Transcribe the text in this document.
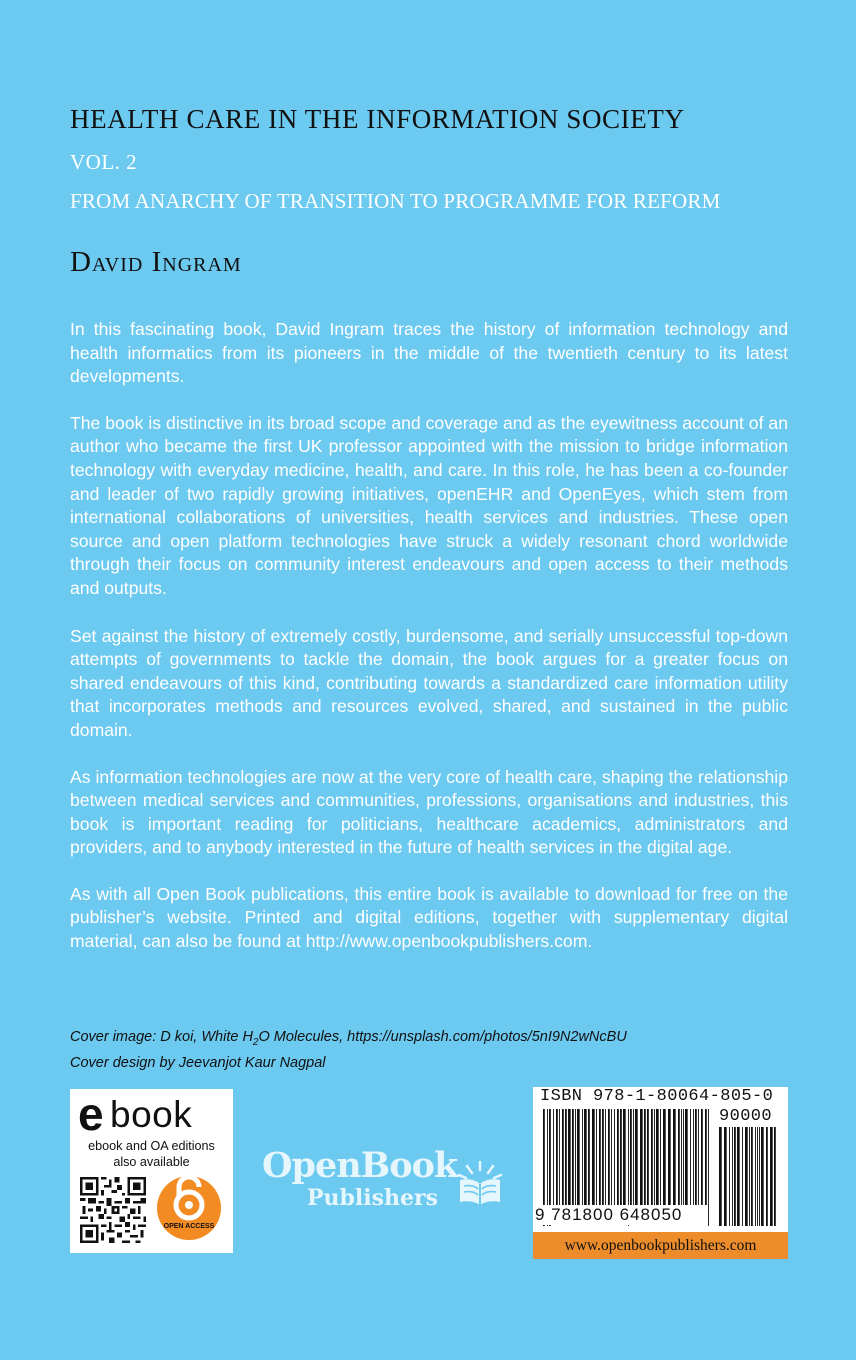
HEALTH CARE IN THE INFORMATION SOCIETY
VOL. 2
FROM ANARCHY OF TRANSITION TO PROGRAMME FOR REFORM
David Ingram

In this fascinating book, David Ingram traces the history of information technology and health informatics from its pioneers in the middle of the twentieth century to its latest developments.

The book is distinctive in its broad scope and coverage and as the eyewitness account of an author who became the first UK professor appointed with the mission to bridge information technology with everyday medicine, health, and care. In this role, he has been a co-founder and leader of two rapidly growing initiatives, openEHR and OpenEyes, which stem from international collaborations of universities, health services and industries. These open source and open platform technologies have struck a widely resonant chord worldwide through their focus on community interest endeavours and open access to their methods and outputs.

Set against the history of extremely costly, burdensome, and serially unsuccessful top-down attempts of governments to tackle the domain, the book argues for a greater focus on shared endeavours of this kind, contributing towards a standardized care information utility that incorporates methods and resources evolved, shared, and sustained in the public domain.

As information technologies are now at the very core of health care, shaping the relationship between medical services and communities, professions, organisations and industries, this book is important reading for politicians, healthcare academics, administrators and providers, and to anybody interested in the future of health services in the digital age.

As with all Open Book publications, this entire book is available to download for free on the publisher’s website. Printed and digital editions, together with supplementary digital material, can also be found at http://www.openbookpublishers.com.

Cover image: D koi, White $H_2O$ Molecules, https://unsplash.com/photos/5nI9N2wNcBU
Cover design by Jeevanjot Kaur Nagpal
e book
ebook and OA editions
also available
OPEN ACCESS
OpenBook
Publishers
ISBN 978-1-80064-805-0
90000
9 781800 648050
www.openbookpublishers.com
